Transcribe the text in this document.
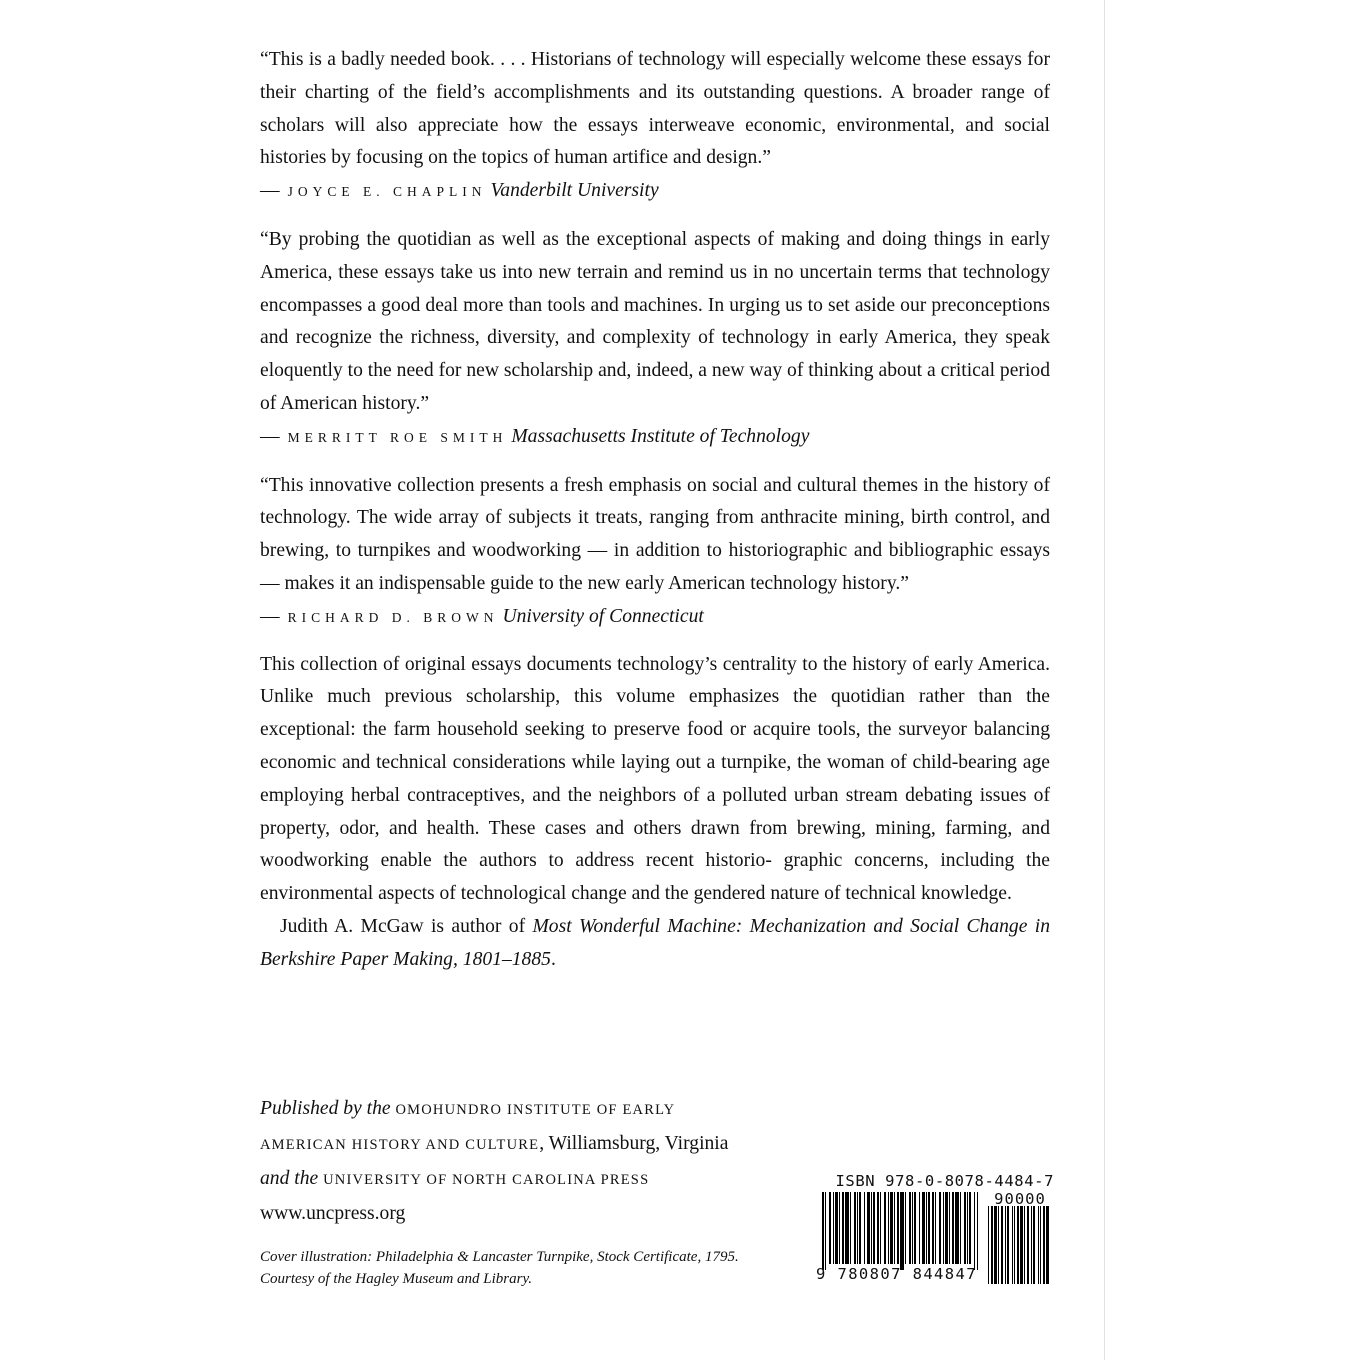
“This is a badly needed book. . . . Historians of technology will especially welcome these essays for their charting of the field’s accomplishments and its outstanding questions. A broader range of scholars will also appreciate how the essays interweave economic, environmental, and social histories by focusing on the topics of human artifice and design.”

— JOYCE E. CHAPLIN Vanderbilt University

“By probing the quotidian as well as the exceptional aspects of making and doing things in early America, these essays take us into new terrain and remind us in no uncertain terms that technology encompasses a good deal more than tools and machines. In urging us to set aside our preconceptions and recognize the richness, diversity, and complexity of technology in early America, they speak eloquently to the need for new scholarship and, indeed, a new way of thinking about a critical period of American history.”

— MERRITT ROE SMITH Massachusetts Institute of Technology

“This innovative collection presents a fresh emphasis on social and cultural themes in the history of technology. The wide array of subjects it treats, ranging from anthracite mining, birth control, and brewing, to turnpikes and woodworking — in addition to historiographic and bibliographic essays — makes it an indispensable guide to the new early American technology history.”

— RICHARD D. BROWN University of Connecticut

This collection of original essays documents technology’s centrality to the history of early America. Unlike much previous scholarship, this volume emphasizes the quotidian rather than the exceptional: the farm household seeking to preserve food or acquire tools, the surveyor balancing economic and technical considerations while laying out a turnpike, the woman of child-bearing age employing herbal contraceptives, and the neighbors of a polluted urban stream debating issues of property, odor, and health. These cases and others drawn from brewing, mining, farming, and woodworking enable the authors to address recent historio- graphic concerns, including the environmental aspects of technological change and the gendered nature of technical knowledge.

Judith A. McGaw is author of Most Wonderful Machine: Mechanization and Social Change in Berkshire Paper Making, 1801–1885.

Published by the OMOHUNDRO INSTITUTE OF EARLY

AMERICAN HISTORY AND CULTURE, Williamsburg, Virginia

and the UNIVERSITY OF NORTH CAROLINA PRESS

www.uncpress.org

Cover illustration: Philadelphia & Lancaster Turnpike, Stock Certificate, 1795.

Courtesy of the Hagley Museum and Library.

ISBN 978-0-8078-4484-7
90000
9 780807 844847
